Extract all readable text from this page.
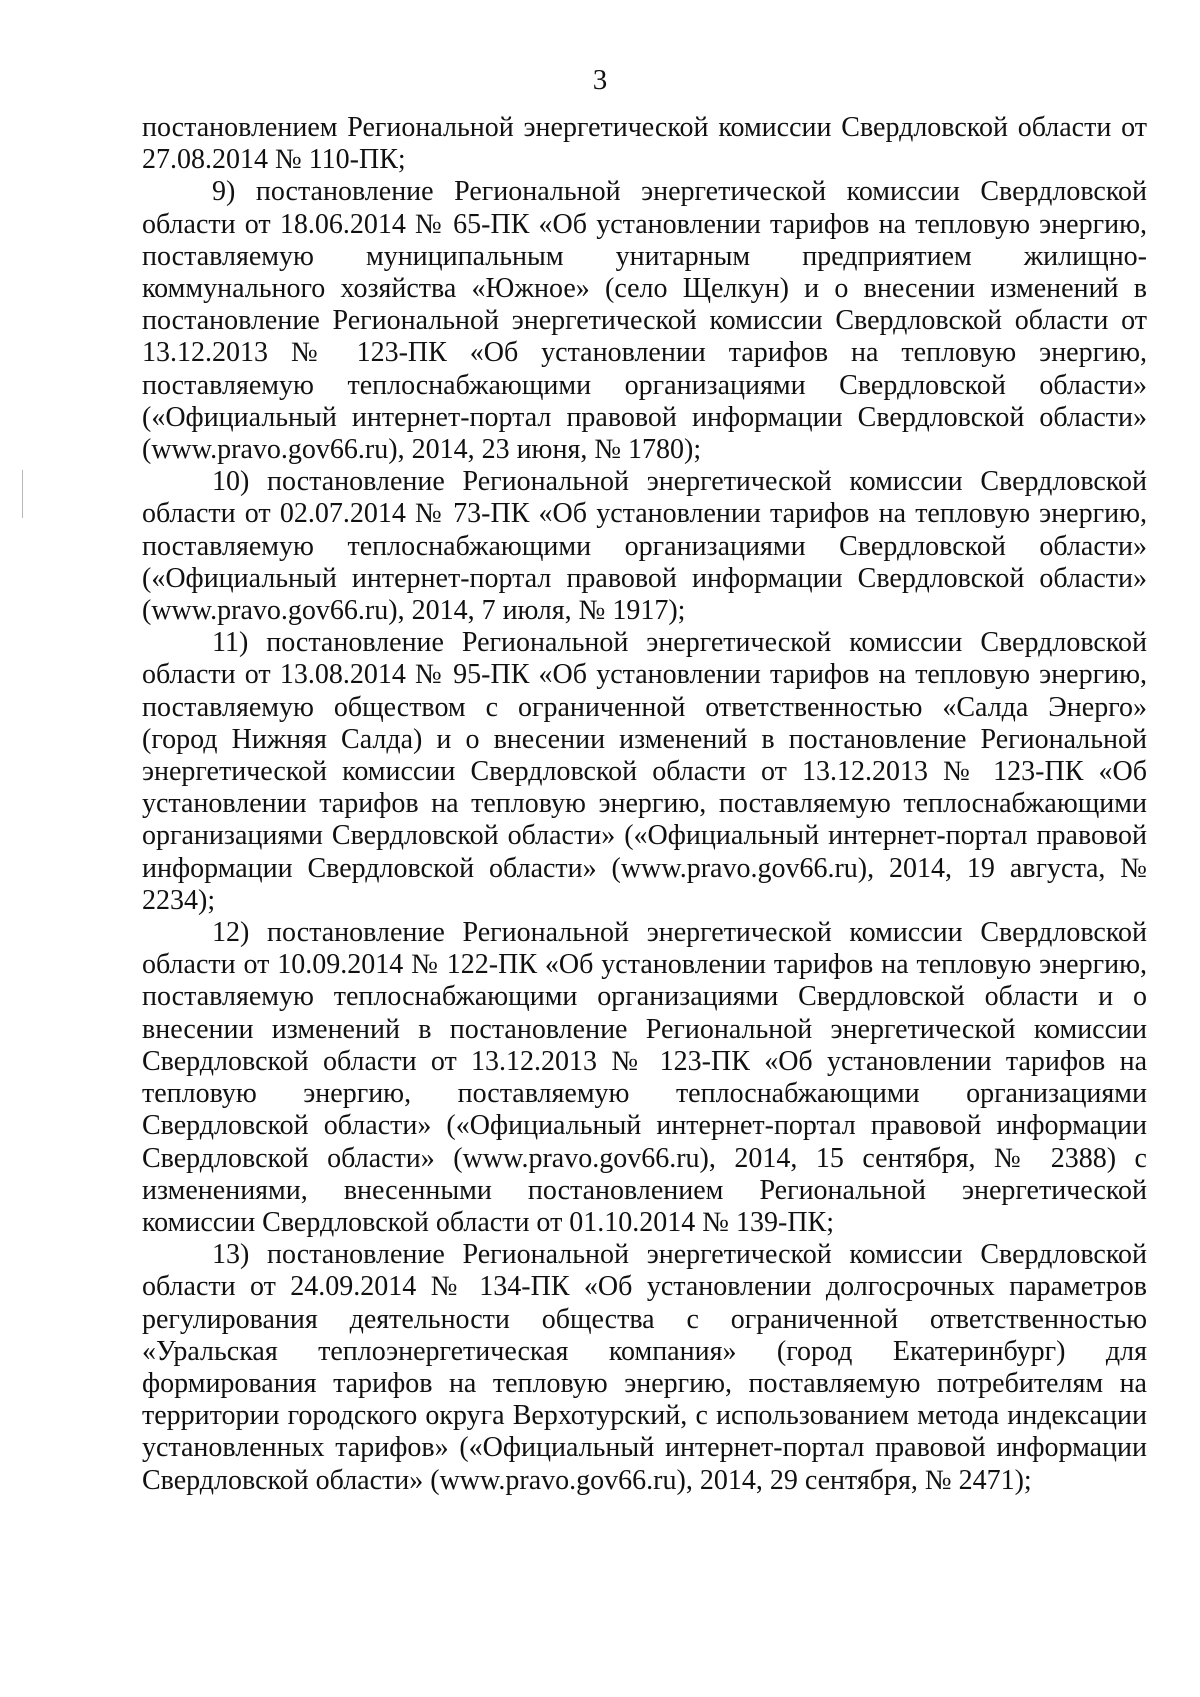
3

постановлением Региональной энергетической комиссии Свердловской области от 27.08.2014 № 110-ПК;

9) постановление Региональной энергетической комиссии Свердловской области от 18.06.2014 № 65-ПК «Об установлении тарифов на тепловую энергию, поставляемую муниципальным унитарным предприятием жилищно-коммунального хозяйства «Южное» (село Щелкун) и о внесении изменений в постановление Региональной энергетической комиссии Свердловской области от 13.12.2013 № 123-ПК «Об установлении тарифов на тепловую энергию, поставляемую теплоснабжающими организациями Свердловской области» («Официальный интернет-портал правовой информации Свердловской области» (www.pravo.gov66.ru), 2014, 23 июня, № 1780);

10) постановление Региональной энергетической комиссии Свердловской области от 02.07.2014 № 73-ПК «Об установлении тарифов на тепловую энергию, поставляемую теплоснабжающими организациями Свердловской области» («Официальный интернет-портал правовой информации Свердловской области» (www.pravo.gov66.ru), 2014, 7 июля, № 1917);

11) постановление Региональной энергетической комиссии Свердловской области от 13.08.2014 № 95-ПК «Об установлении тарифов на тепловую энергию, поставляемую обществом с ограниченной ответственностью «Салда Энерго» (город Нижняя Салда) и о внесении изменений в постановление Региональной энергетической комиссии Свердловской области от 13.12.2013 № 123-ПК «Об установлении тарифов на тепловую энергию, поставляемую теплоснабжающими организациями Свердловской области» («Официальный интернет-портал правовой информации Свердловской области» (www.pravo.gov66.ru), 2014, 19 августа, № 2234);

12) постановление Региональной энергетической комиссии Свердловской области от 10.09.2014 № 122-ПК «Об установлении тарифов на тепловую энергию, поставляемую теплоснабжающими организациями Свердловской области и о внесении изменений в постановление Региональной энергетической комиссии Свердловской области от 13.12.2013 № 123-ПК «Об установлении тарифов на тепловую энергию, поставляемую теплоснабжающими организациями Свердловской области» («Официальный интернет-портал правовой информации Свердловской области» (www.pravo.gov66.ru), 2014, 15 сентября, № 2388) с изменениями, внесенными постановлением Региональной энергетической комиссии Свердловской области от 01.10.2014 № 139-ПК;

13) постановление Региональной энергетической комиссии Свердловской области от 24.09.2014 № 134-ПК «Об установлении долгосрочных параметров регулирования деятельности общества с ограниченной ответственностью «Уральская теплоэнергетическая компания» (город Екатеринбург) для формирования тарифов на тепловую энергию, поставляемую потребителям на территории городского округа Верхотурский, с использованием метода индексации установленных тарифов» («Официальный интернет-портал правовой информации Свердловской области» (www.pravo.gov66.ru), 2014, 29 сентября, № 2471);
